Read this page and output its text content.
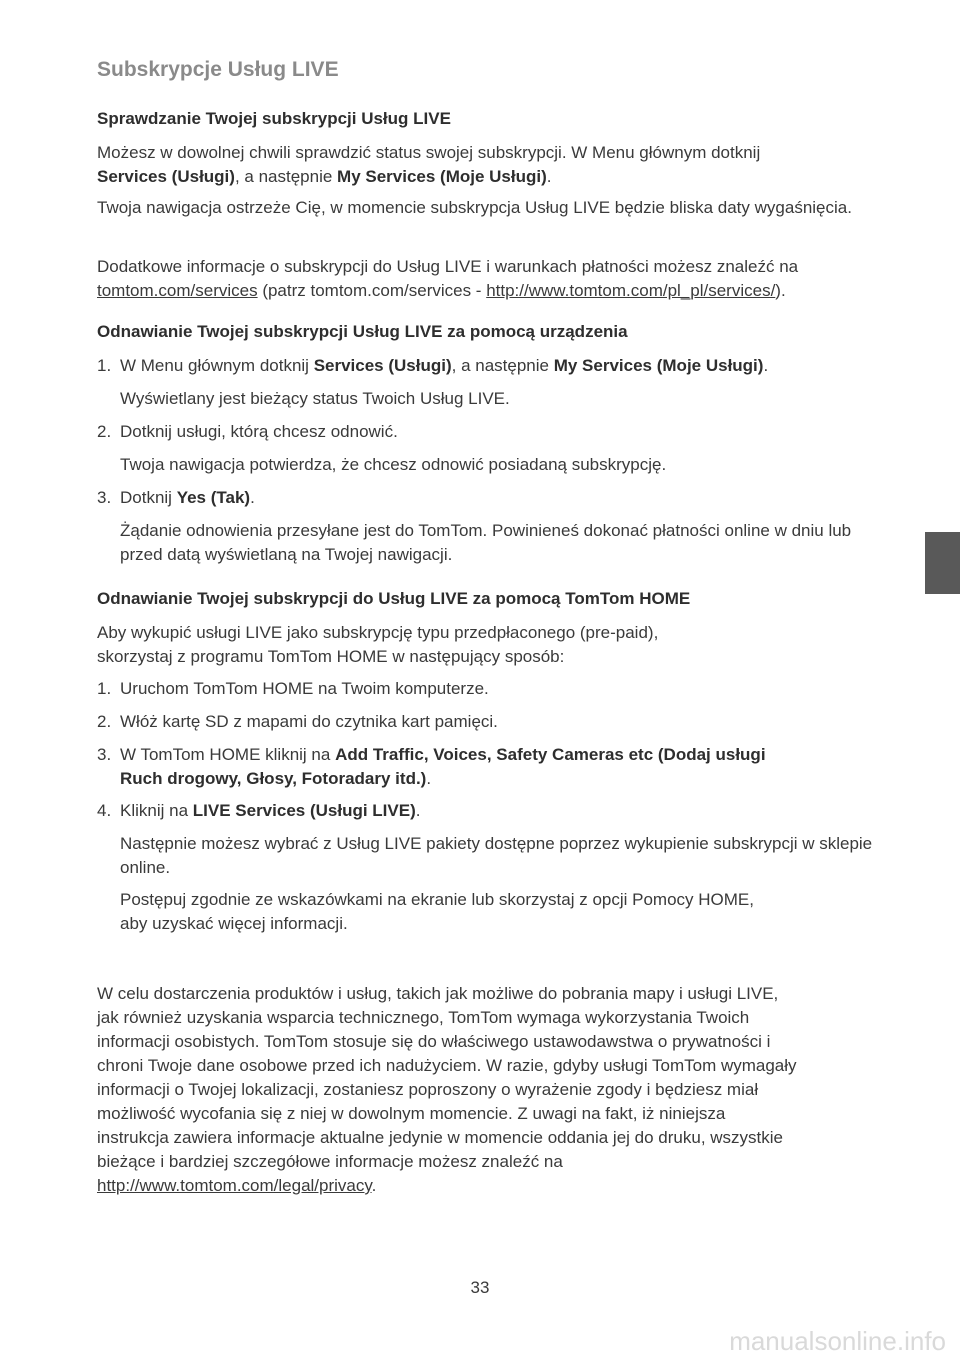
Subskrypcje Usług LIVE
Sprawdzanie Twojej subskrypcji Usług LIVE
Możesz w dowolnej chwili sprawdzić status swojej subskrypcji. W Menu głównym dotknij
Services (Usługi), a następnie My Services (Moje Usługi).
Twoja nawigacja ostrzeże Cię, w momencie subskrypcja Usług LIVE będzie bliska daty wygaśnięcia.
Dodatkowe informacje o subskrypcji do Usług LIVE i warunkach płatności możesz znaleźć na
tomtom.com/services (patrz tomtom.com/services - http://www.tomtom.com/pl_pl/services/).
Odnawianie Twojej subskrypcji Usług LIVE za pomocą urządzenia
1. W Menu głównym dotknij Services (Usługi), a następnie My Services (Moje Usługi).
Wyświetlany jest bieżący status Twoich Usług LIVE.
2. Dotknij usługi, którą chcesz odnowić.
Twoja nawigacja potwierdza, że chcesz odnowić posiadaną subskrypcję.
3. Dotknij Yes (Tak).
Żądanie odnowienia przesyłane jest do TomTom. Powinieneś dokonać płatności online w dniu lub przed datą wyświetlaną na Twojej nawigacji.
Odnawianie Twojej subskrypcji do Usług LIVE za pomocą TomTom HOME
Aby wykupić usługi LIVE jako subskrypcję typu przedpłaconego (pre-paid),
skorzystaj z programu TomTom HOME w następujący sposób:
1. Uruchom TomTom HOME na Twoim komputerze.
2. Włóż kartę SD z mapami do czytnika kart pamięci.
3. W TomTom HOME kliknij na Add Traffic, Voices, Safety Cameras etc (Dodaj usługi
Ruch drogowy, Głosy, Fotoradary itd.).
4. Kliknij na LIVE Services (Usługi LIVE).
Następnie możesz wybrać z Usług LIVE pakiety dostępne poprzez wykupienie subskrypcji w sklepie online.
Postępuj zgodnie ze wskazówkami na ekranie lub skorzystaj z opcji Pomocy HOME,
aby uzyskać więcej informacji.
W celu dostarczenia produktów i usług, takich jak możliwe do pobrania mapy i usługi LIVE,
jak również uzyskania wsparcia technicznego, TomTom wymaga wykorzystania Twoich
informacji osobistych. TomTom stosuje się do właściwego ustawodawstwa o prywatności i
chroni Twoje dane osobowe przed ich nadużyciem. W razie, gdyby usługi TomTom wymagały
informacji o Twojej lokalizacji, zostaniesz poproszony o wyrażenie zgody i będziesz miał
możliwość wycofania się z niej w dowolnym momencie. Z uwagi na fakt, iż niniejsza
instrukcja zawiera informacje aktualne jedynie w momencie oddania jej do druku, wszystkie
bieżące i bardziej szczegółowe informacje możesz znaleźć na
http://www.tomtom.com/legal/privacy.
33
manualsonline.info
